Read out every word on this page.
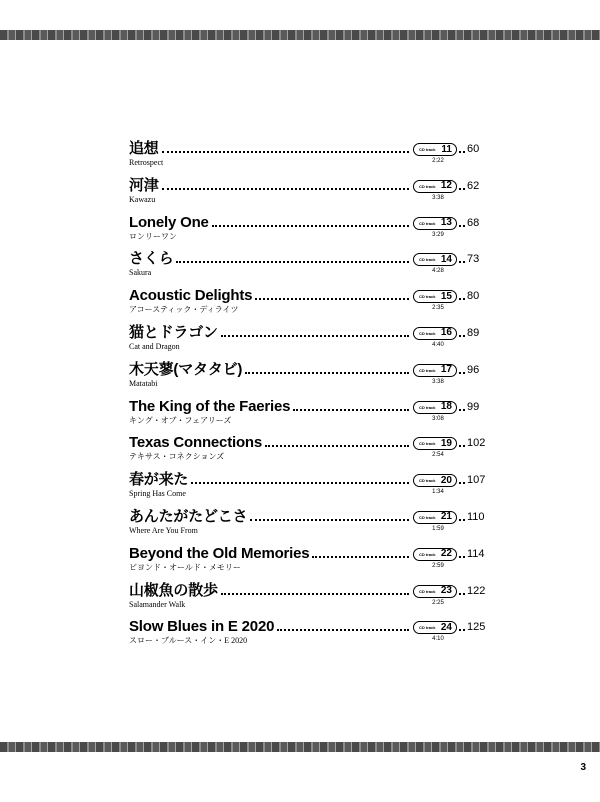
追想	CD track 11 60
Retrospect	2:22
河津	CD track 12 62
Kawazu	3:38
Lonely One	CD track 13 68
ロンリーワン	3:29
さくら	CD track 14 73
Sakura	4:28
Acoustic Delights	CD track 15 80
アコースティック・ディライツ	2:35
猫とドラゴン	CD track 16 89
Cat and Dragon	4:40
木天蓼(マタタビ)	CD track 17 96
Matatabi	3:38
The King of the Faeries	CD track 18 99
キング・オブ・フェアリーズ	3:08
Texas Connections	CD track 19 102
テキサス・コネクションズ	2:54
春が来た	CD track 20 107
Spring Has Come	1:34
あんたがたどこさ	CD track 21 110
Where Are You From	1:59
Beyond the Old Memories	CD track 22 114
ビヨンド・オールド・メモリー	2:59
山椒魚の散歩	CD track 23 122
Salamander Walk	2:25
Slow Blues in E 2020	CD track 24 125
スロー・ブルース・イン・E 2020	4:10
3
